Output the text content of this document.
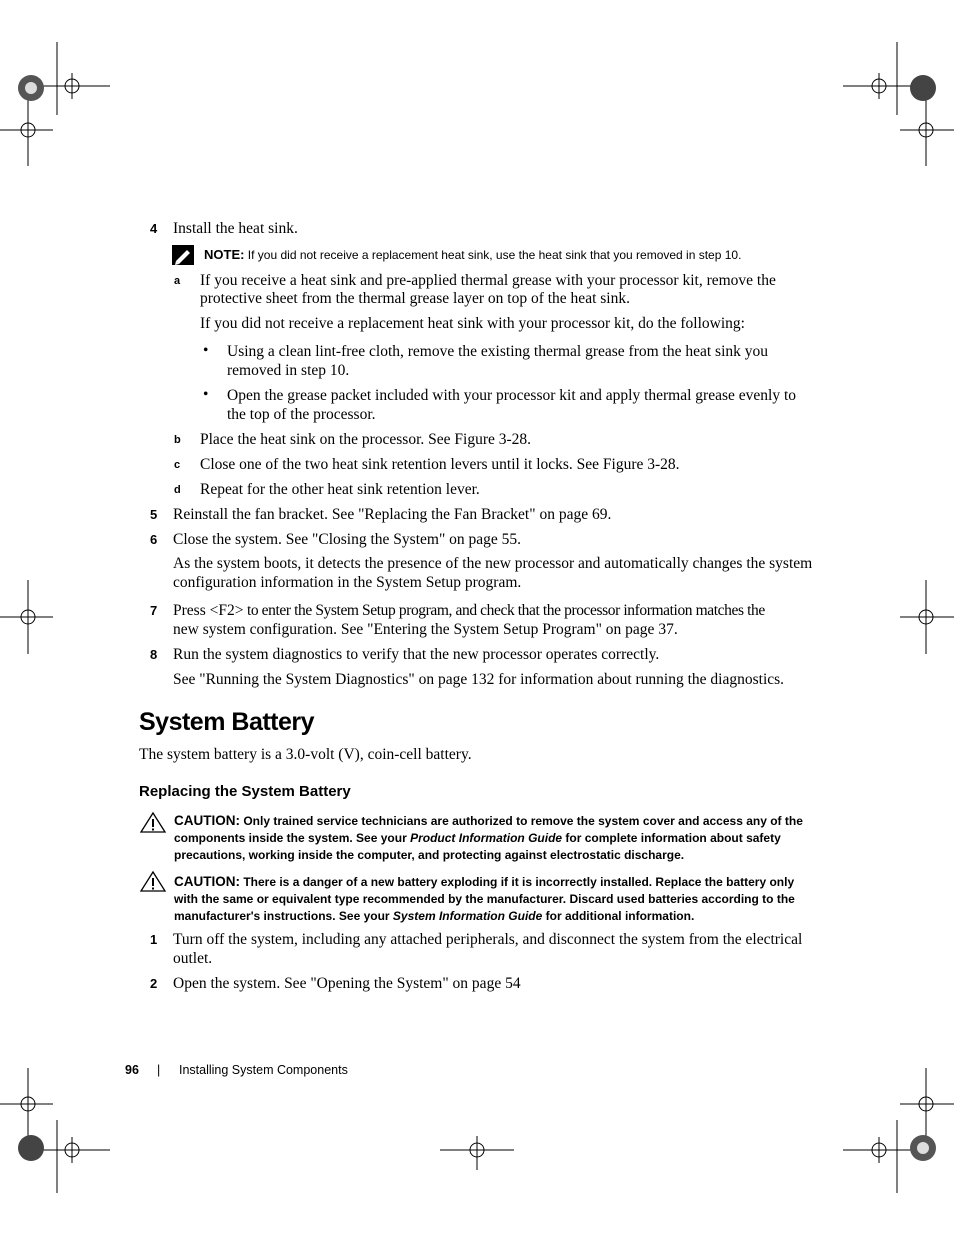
4 Install the heat sink.
NOTE: If you did not receive a replacement heat sink, use the heat sink that you removed in step 10.
a If you receive a heat sink and pre-applied thermal grease with your processor kit, remove the
protective sheet from the thermal grease layer on top of the heat sink.
If you did not receive a replacement heat sink with your processor kit, do the following:
• Using a clean lint-free cloth, remove the existing thermal grease from the heat sink you
removed in step 10.
• Open the grease packet included with your processor kit and apply thermal grease evenly to
the top of the processor.
b Place the heat sink on the processor. See Figure 3-28.
c Close one of the two heat sink retention levers until it locks. See Figure 3-28.
d Repeat for the other heat sink retention lever.
5 Reinstall the fan bracket. See "Replacing the Fan Bracket" on page 69.
6 Close the system. See "Closing the System" on page 55.
As the system boots, it detects the presence of the new processor and automatically changes the system
configuration information in the System Setup program.
7 Press <F2> to enter the System Setup program, and check that the processor information matches the
new system configuration. See "Entering the System Setup Program" on page 37.
8 Run the system diagnostics to verify that the new processor operates correctly.
See "Running the System Diagnostics" on page 132 for information about running the diagnostics.
System Battery
The system battery is a 3.0-volt (V), coin-cell battery.
Replacing the System Battery
CAUTION: Only trained service technicians are authorized to remove the system cover and access any of the
components inside the system. See your Product Information Guide for complete information about safety
precautions, working inside the computer, and protecting against electrostatic discharge.
CAUTION: There is a danger of a new battery exploding if it is incorrectly installed. Replace the battery only
with the same or equivalent type recommended by the manufacturer. Discard used batteries according to the
manufacturer's instructions. See your System Information Guide for additional information.
1 Turn off the system, including any attached peripherals, and disconnect the system from the electrical
outlet.
2 Open the system. See "Opening the System" on page 54
96 | Installing System Components
